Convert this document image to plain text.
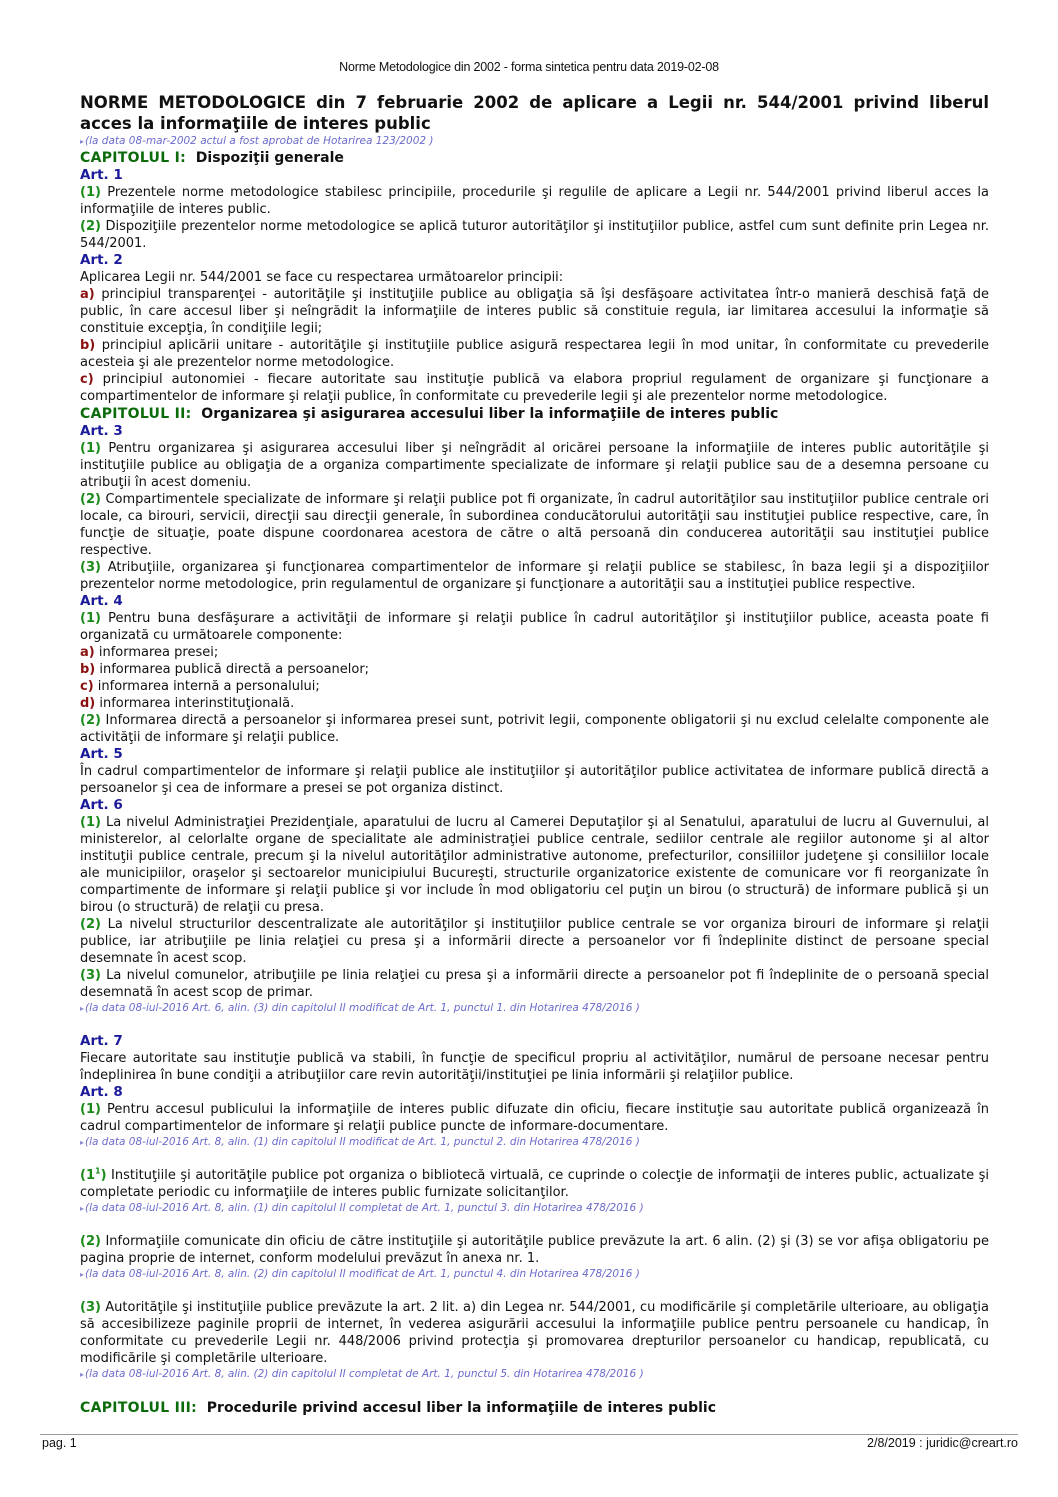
Norme Metodologice din 2002 - forma sintetica pentru data 2019-02-08
NORME METODOLOGICE din 7 februarie 2002 de aplicare a Legii nr. 544/2001 privind liberul acces la informaţiile de interes public
▸(la data 08-mar-2002 actul a fost aprobat de Hotarirea 123/2002 )
CAPITOLUL I: Dispoziţii generale
Art. 1
(1) Prezentele norme metodologice stabilesc principiile, procedurile şi regulile de aplicare a Legii nr. 544/2001 privind liberul acces la informaţiile de interes public.
(2) Dispoziţiile prezentelor norme metodologice se aplică tuturor autorităţilor şi instituţiilor publice, astfel cum sunt definite prin Legea nr. 544/2001.
Art. 2
Aplicarea Legii nr. 544/2001 se face cu respectarea următoarelor principii:
a) principiul transparenţei - autorităţile şi instituţiile publice au obligaţia să îşi desfăşoare activitatea într-o manieră deschisă faţă de public, în care accesul liber şi neîngrădit la informaţiile de interes public să constituie regula, iar limitarea accesului la informaţie să constituie excepţia, în condiţiile legii;
b) principiul aplicării unitare - autorităţile şi instituţiile publice asigură respectarea legii în mod unitar, în conformitate cu prevederile acesteia şi ale prezentelor norme metodologice.
c) principiul autonomiei - fiecare autoritate sau instituţie publică va elabora propriul regulament de organizare şi funcţionare a compartimentelor de informare şi relaţii publice, în conformitate cu prevederile legii şi ale prezentelor norme metodologice.
CAPITOLUL II: Organizarea şi asigurarea accesului liber la informaţiile de interes public
Art. 3
(1) Pentru organizarea şi asigurarea accesului liber şi neîngrădit al oricărei persoane la informaţiile de interes public autorităţile şi instituţiile publice au obligaţia de a organiza compartimente specializate de informare şi relaţii publice sau de a desemna persoane cu atribuţii în acest domeniu.
(2) Compartimentele specializate de informare şi relaţii publice pot fi organizate, în cadrul autorităţilor sau instituţiilor publice centrale ori locale, ca birouri, servicii, direcţii sau direcţii generale, în subordinea conducătorului autorităţii sau instituţiei publice respective, care, în funcţie de situaţie, poate dispune coordonarea acestora de către o altă persoană din conducerea autorităţii sau instituţiei publice respective.
(3) Atribuţiile, organizarea şi funcţionarea compartimentelor de informare şi relaţii publice se stabilesc, în baza legii şi a dispoziţiilor prezentelor norme metodologice, prin regulamentul de organizare şi funcţionare a autorităţii sau a instituţiei publice respective.
Art. 4
(1) Pentru buna desfăşurare a activităţii de informare şi relaţii publice în cadrul autorităţilor şi instituţiilor publice, aceasta poate fi organizată cu următoarele componente:
a) informarea presei;
b) informarea publică directă a persoanelor;
c) informarea internă a personalului;
d) informarea interinstituţională.
(2) Informarea directă a persoanelor şi informarea presei sunt, potrivit legii, componente obligatorii şi nu exclud celelalte componente ale activităţii de informare şi relaţii publice.
Art. 5
În cadrul compartimentelor de informare şi relaţii publice ale instituţiilor şi autorităţilor publice activitatea de informare publică directă a persoanelor şi cea de informare a presei se pot organiza distinct.
Art. 6
(1) La nivelul Administraţiei Prezidenţiale, aparatului de lucru al Camerei Deputaţilor şi al Senatului, aparatului de lucru al Guvernului, al ministerelor, al celorlalte organe de specialitate ale administraţiei publice centrale, sediilor centrale ale regiilor autonome şi al altor instituţii publice centrale, precum şi la nivelul autorităţilor administrative autonome, prefecturilor, consiliilor judeţene şi consiliilor locale ale municipiilor, oraşelor şi sectoarelor municipiului Bucureşti, structurile organizatorice existente de comunicare vor fi reorganizate în compartimente de informare şi relaţii publice şi vor include în mod obligatoriu cel puţin un birou (o structură) de informare publică şi un birou (o structură) de relaţii cu presa.
(2) La nivelul structurilor descentralizate ale autorităţilor şi instituţiilor publice centrale se vor organiza birouri de informare şi relaţii publice, iar atribuţiile pe linia relaţiei cu presa şi a informării directe a persoanelor vor fi îndeplinite distinct de persoane special desemnate în acest scop.
(3) La nivelul comunelor, atribuţiile pe linia relaţiei cu presa şi a informării directe a persoanelor pot fi îndeplinite de o persoană special desemnată în acest scop de primar.
▸(la data 08-iul-2016 Art. 6, alin. (3) din capitolul II modificat de Art. 1, punctul 1. din Hotarirea 478/2016 )
Art. 7
Fiecare autoritate sau instituţie publică va stabili, în funcţie de specificul propriu al activităţilor, numărul de persoane necesar pentru îndeplinirea în bune condiţii a atribuţiilor care revin autorităţii/instituţiei pe linia informării şi relaţiilor publice.
Art. 8
(1) Pentru accesul publicului la informaţiile de interes public difuzate din oficiu, fiecare instituţie sau autoritate publică organizează în cadrul compartimentelor de informare şi relaţii publice puncte de informare-documentare.
▸(la data 08-iul-2016 Art. 8, alin. (1) din capitolul II modificat de Art. 1, punctul 2. din Hotarirea 478/2016 )
$(1^1)$ Instituţiile şi autorităţile publice pot organiza o bibliotecă virtuală, ce cuprinde o colecţie de informaţii de interes public, actualizate şi completate periodic cu informaţiile de interes public furnizate solicitanţilor.
▸(la data 08-iul-2016 Art. 8, alin. (1) din capitolul II completat de Art. 1, punctul 3. din Hotarirea 478/2016 )
(2) Informaţiile comunicate din oficiu de către instituţiile şi autorităţile publice prevăzute la art. 6 alin. (2) şi (3) se vor afişa obligatoriu pe pagina proprie de internet, conform modelului prevăzut în anexa nr. 1.
▸(la data 08-iul-2016 Art. 8, alin. (2) din capitolul II modificat de Art. 1, punctul 4. din Hotarirea 478/2016 )
(3) Autorităţile şi instituţiile publice prevăzute la art. 2 lit. a) din Legea nr. 544/2001, cu modificările şi completările ulterioare, au obligaţia să accesibilizeze paginile proprii de internet, în vederea asigurării accesului la informaţiile publice pentru persoanele cu handicap, în conformitate cu prevederile Legii nr. 448/2006 privind protecţia şi promovarea drepturilor persoanelor cu handicap, republicată, cu modificările şi completările ulterioare.
▸(la data 08-iul-2016 Art. 8, alin. (2) din capitolul II completat de Art. 1, punctul 5. din Hotarirea 478/2016 )
CAPITOLUL III: Procedurile privind accesul liber la informaţiile de interes public
pag. 1	2/8/2019 : juridic@creart.ro
